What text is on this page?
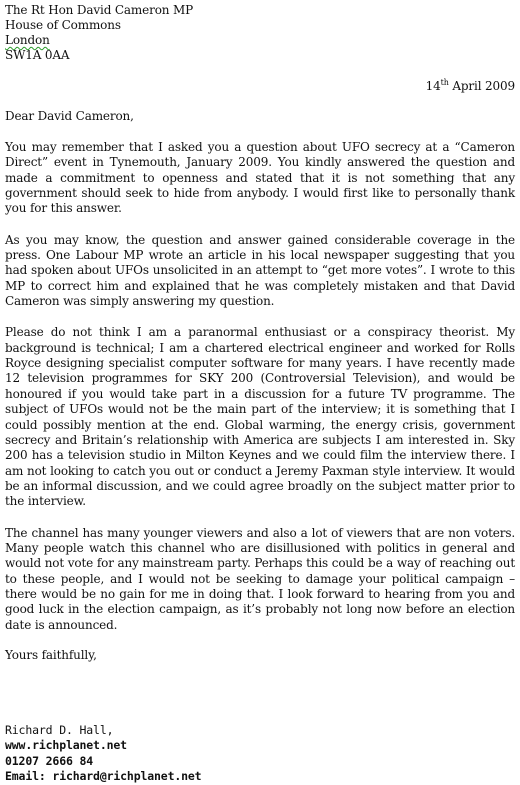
The Rt Hon David Cameron MP
House of Commons
London
SW1A 0AA
14th April 2009
Dear David Cameron,

You may remember that I asked you a question about UFO secrecy at a “Cameron Direct” event in Tynemouth, January 2009. You kindly answered the question and made a commitment to openness and stated that it is not something that any government should seek to hide from anybody. I would first like to personally thank you for this answer.

As you may know, the question and answer gained considerable coverage in the press. One Labour MP wrote an article in his local newspaper suggesting that you had spoken about UFOs unsolicited in an attempt to “get more votes”. I wrote to this MP to correct him and explained that he was completely mistaken and that David Cameron was simply answering my question.

Please do not think I am a paranormal enthusiast or a conspiracy theorist. My background is technical; I am a chartered electrical engineer and worked for Rolls Royce designing specialist computer software for many years. I have recently made 12 television programmes for SKY 200 (Controversial Television), and would be honoured if you would take part in a discussion for a future TV programme. The subject of UFOs would not be the main part of the interview; it is something that I could possibly mention at the end. Global warming, the energy crisis, government secrecy and Britain’s relationship with America are subjects I am interested in. Sky 200 has a television studio in Milton Keynes and we could film the interview there. I am not looking to catch you out or conduct a Jeremy Paxman style interview. It would be an informal discussion, and we could agree broadly on the subject matter prior to the interview.

The channel has many younger viewers and also a lot of viewers that are non voters. Many people watch this channel who are disillusioned with politics in general and would not vote for any mainstream party. Perhaps this could be a way of reaching out to these people, and I would not be seeking to damage your political campaign – there would be no gain for me in doing that. I look forward to hearing from you and good luck in the election campaign, as it’s probably not long now before an election date is announced.

Yours faithfully,
Richard D. Hall,
www.richplanet.net
01207 2666 84
Email: richard@richplanet.net
